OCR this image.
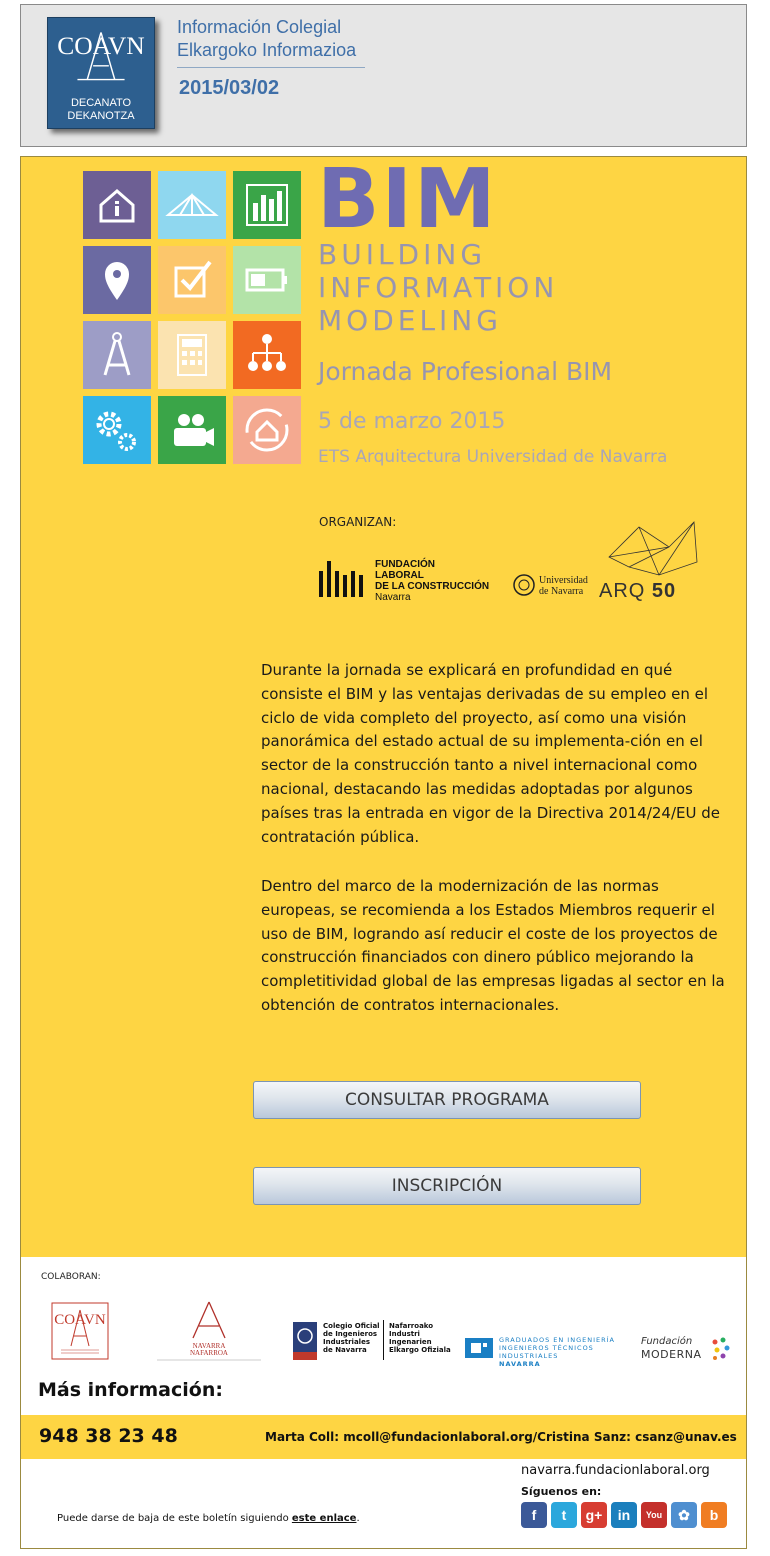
COAVN
DECANATO
DEKANOTZA
Información Colegial
Elkargoko Informazioa
2015/03/02
BIM
BUILDING
INFORMATION
MODELING
Jornada Profesional BIM
5 de marzo 2015
ETS Arquitectura Universidad de Navarra
ORGANIZAN:
FUNDACIÓN
LABORAL
DE LA CONSTRUCCIÓN
Navarra
Universidad
de Navarra ARQ 50
Durante la jornada se explicará en profundidad en qué consiste el BIM y las ventajas derivadas de su empleo en el ciclo de vida completo del proyecto, así como una visión panorámica del estado actual de su implementa-ción en el sector de la construcción tanto a nivel internacional como nacional, destacando las medidas adoptadas por algunos países tras la entrada en vigor de la Directiva 2014/24/EU de contratación pública.
Dentro del marco de la modernización de las normas europeas, se recomienda a los Estados Miembros requerir el uso de BIM, logrando así reducir el coste de los proyectos de construcción financiados con dinero público mejorando la completitividad global de las empresas ligadas al sector en la obtención de contratos internacionales.
CONSULTAR PROGRAMA
INSCRIPCIÓN
COLABORAN:
COAVN
NAVARRA
NAFARROA
Colegio Oficial
de Ingenieros
Industriales
de Navarra
Nafarroako
Industri
Ingenarien
Elkargo Ofiziala
GRADUADOS EN INGENIERÍA
INGENIEROS TÉCNICOS INDUSTRIALES
NAVARRA
Fundación
MODERNA
Más información:
948 38 23 48	Marta Coll: mcoll@fundacionlaboral.org/Cristina Sanz: csanz@unav.es
navarra.fundacionlaboral.org
Síguenos en:
f t g+ in You ✿ b
Puede darse de baja de este boletín siguiendo este enlace.
